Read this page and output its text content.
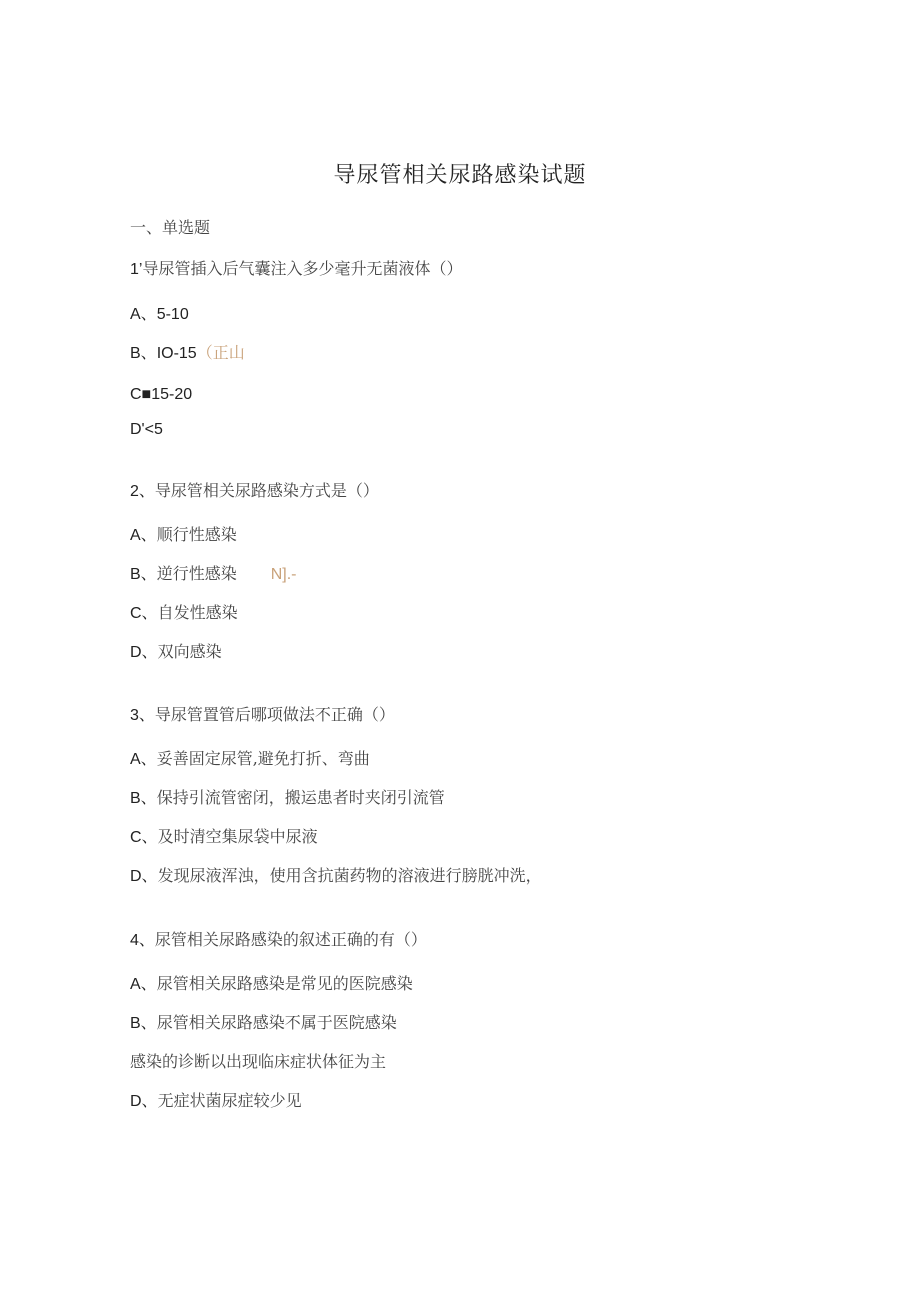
导尿管相关尿路感染试题
一、单选题
1’导尿管插入后气囊注入多少毫升无菌液体（）
A、5-10
B、IO-15（正山
C■15-20
D'<5
2、导尿管相关尿路感染方式是（）
A、顺行性感染
B、逆行性感染 N].-
C、自发性感染
D、双向感染
3、导尿管置管后哪项做法不正确（）
A、妥善固定尿管,避免打折、弯曲
B、保持引流管密闭，搬运患者时夹闭引流管
C、及时清空集尿袋中尿液
D、发现尿液浑浊，使用含抗菌药物的溶液进行膀胱冲洗，
4、尿管相关尿路感染的叙述正确的有（）
A、尿管相关尿路感染是常见的医院感染
B、尿管相关尿路感染不属于医院感染
感染的诊断以出现临床症状体征为主
D、无症状菌尿症较少见
